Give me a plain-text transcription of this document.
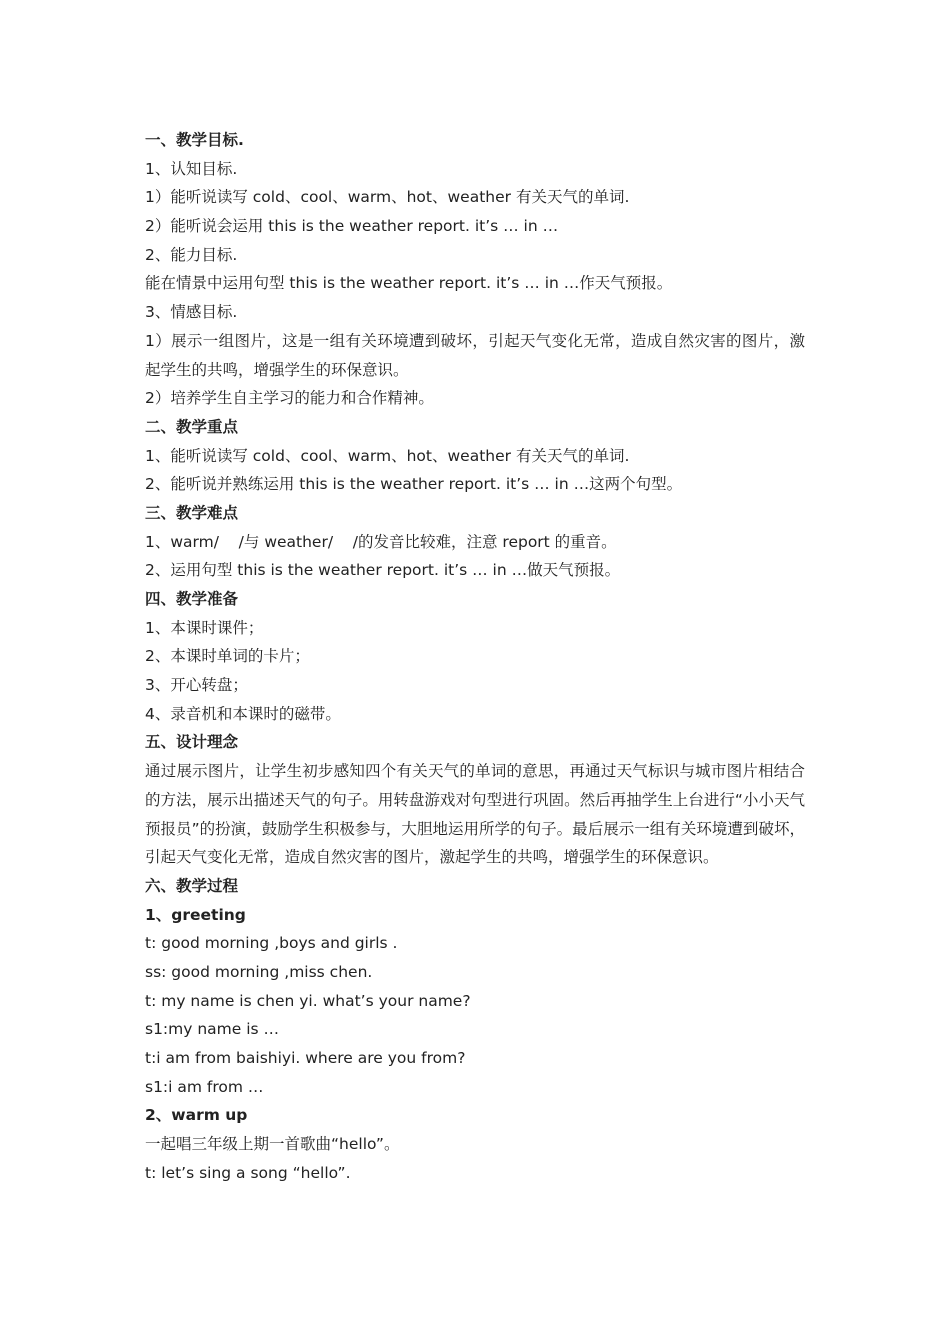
一、教学目标.
1、认知目标.
1）能听说读写 cold、cool、warm、hot、weather 有关天气的单词.
2）能听说会运用 this is the weather report. it’s … in …
2、能力目标.
能在情景中运用句型 this is the weather report. it’s … in …作天气预报。
3、情感目标.
1）展示一组图片，这是一组有关环境遭到破坏，引起天气变化无常，造成自然灾害的图片，激起学生的共鸣，增强学生的环保意识。
2）培养学生自主学习的能力和合作精神。
二、教学重点
1、能听说读写 cold、cool、warm、hot、weather 有关天气的单词.
2、能听说并熟练运用 this is the weather report. it’s … in …这两个句型。
三、教学难点
1、warm/    /与 weather/    /的发音比较难，注意 report 的重音。
2、运用句型 this is the weather report. it’s … in …做天气预报。
四、教学准备
1、本课时课件；
2、本课时单词的卡片；
3、开心转盘；
4、录音机和本课时的磁带。
五、设计理念
通过展示图片，让学生初步感知四个有关天气的单词的意思，再通过天气标识与城市图片相结合的方法，展示出描述天气的句子。用转盘游戏对句型进行巩固。然后再抽学生上台进行“小小天气预报员”的扮演，鼓励学生积极参与，大胆地运用所学的句子。最后展示一组有关环境遭到破坏，引起天气变化无常，造成自然灾害的图片，激起学生的共鸣，增强学生的环保意识。
六、教学过程
1、greeting
t: good morning ,boys and girls .
ss: good morning ,miss chen.
t: my name is chen yi. what’s your name?
s1:my name is …
t:i am from baishiyi. where are you from?
s1:i am from …
2、warm up
一起唱三年级上期一首歌曲“hello”。
t: let’s sing a song “hello”.
